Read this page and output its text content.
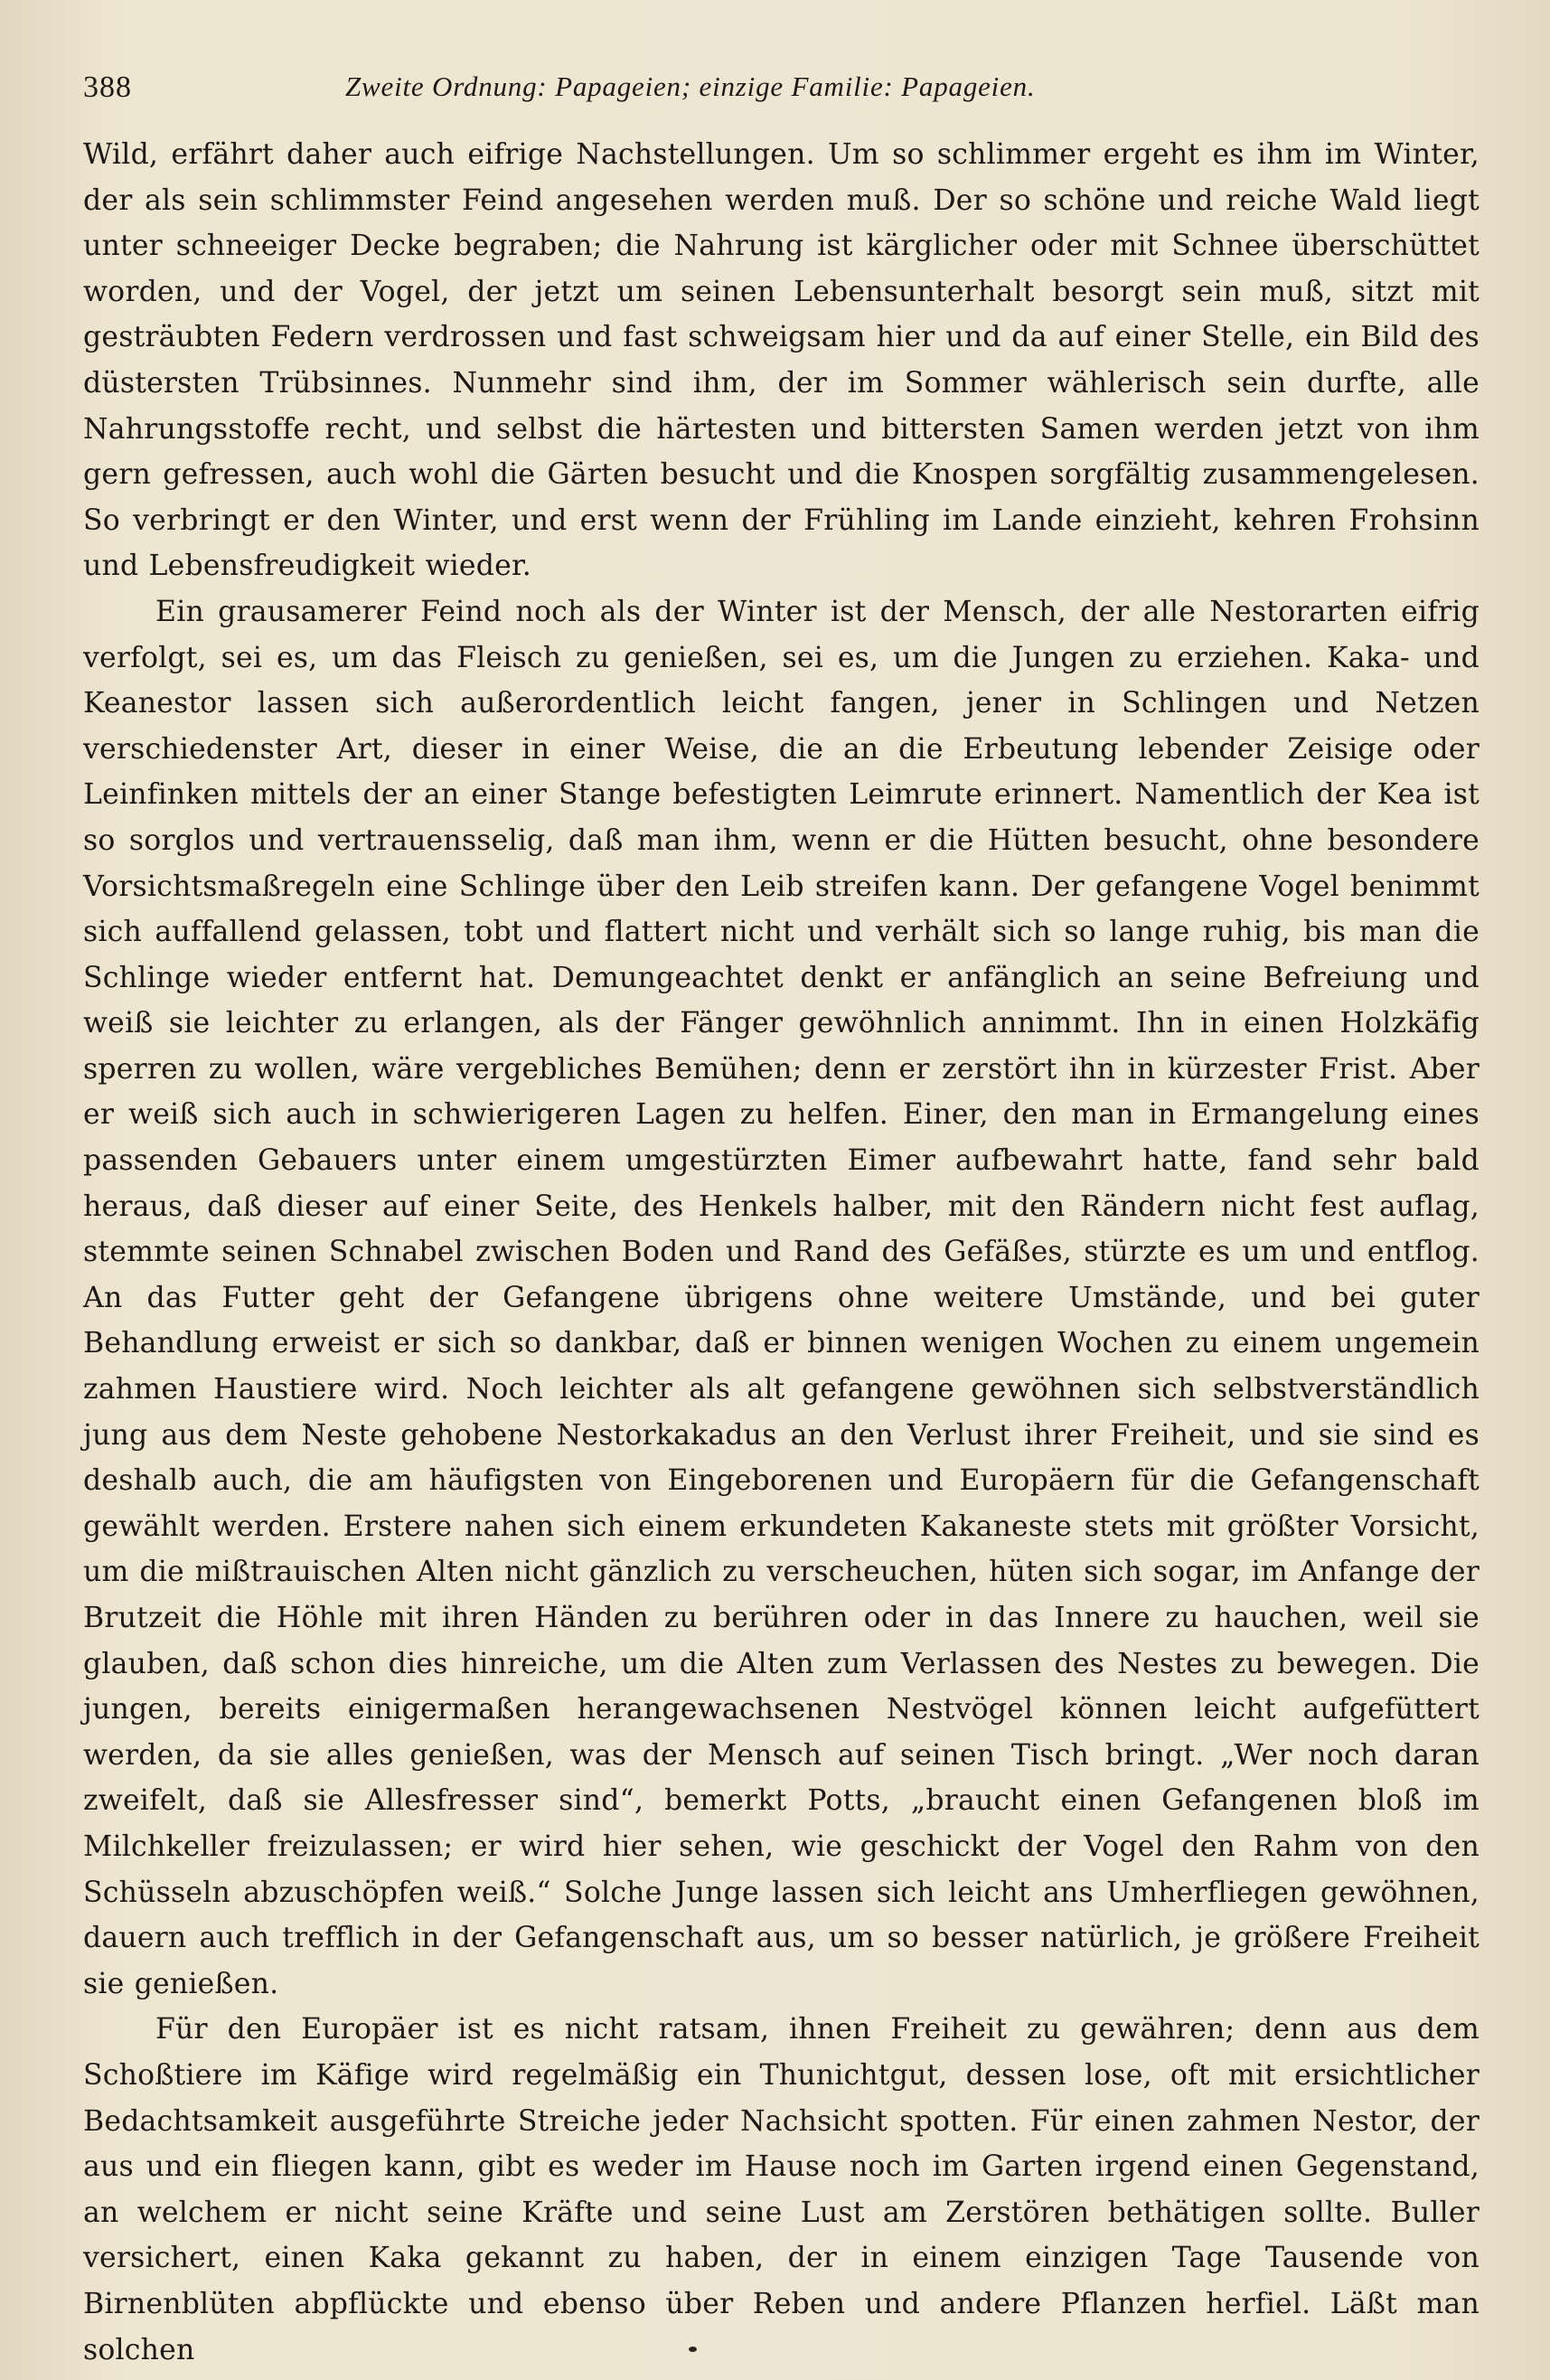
388	Zweite Ordnung: Papageien; einzige Familie: Papageien.

Wild, erfährt daher auch eifrige Nachstellungen. Um so schlimmer ergeht es ihm im Winter, der als sein schlimmster Feind angesehen werden muß. Der so schöne und reiche Wald liegt unter schneeiger Decke begraben; die Nahrung ist kärglicher oder mit Schnee überschüttet worden, und der Vogel, der jetzt um seinen Lebensunterhalt besorgt sein muß, sitzt mit gesträubten Federn verdrossen und fast schweigsam hier und da auf einer Stelle, ein Bild des düstersten Trübsinnes. Nunmehr sind ihm, der im Sommer wählerisch sein durfte, alle Nahrungsstoffe recht, und selbst die härtesten und bittersten Samen werden jetzt von ihm gern gefressen, auch wohl die Gärten besucht und die Knospen sorgfältig zusammengelesen. So verbringt er den Winter, und erst wenn der Frühling im Lande einzieht, kehren Frohsinn und Lebensfreudigkeit wieder.

Ein grausamerer Feind noch als der Winter ist der Mensch, der alle Nestorarten eifrig verfolgt, sei es, um das Fleisch zu genießen, sei es, um die Jungen zu erziehen. Kaka- und Keanestor lassen sich außerordentlich leicht fangen, jener in Schlingen und Netzen verschiedenster Art, dieser in einer Weise, die an die Erbeutung lebender Zeisige oder Leinfinken mittels der an einer Stange befestigten Leimrute erinnert. Namentlich der Kea ist so sorglos und vertrauensselig, daß man ihm, wenn er die Hütten besucht, ohne besondere Vorsichtsmaßregeln eine Schlinge über den Leib streifen kann. Der gefangene Vogel benimmt sich auffallend gelassen, tobt und flattert nicht und verhält sich so lange ruhig, bis man die Schlinge wieder entfernt hat. Demungeachtet denkt er anfänglich an seine Befreiung und weiß sie leichter zu erlangen, als der Fänger gewöhnlich annimmt. Ihn in einen Holzkäfig sperren zu wollen, wäre vergebliches Bemühen; denn er zerstört ihn in kürzester Frist. Aber er weiß sich auch in schwierigeren Lagen zu helfen. Einer, den man in Ermangelung eines passenden Gebauers unter einem umgestürzten Eimer aufbewahrt hatte, fand sehr bald heraus, daß dieser auf einer Seite, des Henkels halber, mit den Rändern nicht fest auflag, stemmte seinen Schnabel zwischen Boden und Rand des Gefäßes, stürzte es um und entflog. An das Futter geht der Gefangene übrigens ohne weitere Umstände, und bei guter Behandlung erweist er sich so dankbar, daß er binnen wenigen Wochen zu einem ungemein zahmen Haustiere wird. Noch leichter als alt gefangene gewöhnen sich selbstverständlich jung aus dem Neste gehobene Nestorkakadus an den Verlust ihrer Freiheit, und sie sind es deshalb auch, die am häufigsten von Eingeborenen und Europäern für die Gefangenschaft gewählt werden. Erstere nahen sich einem erkundeten Kakaneste stets mit größter Vorsicht, um die mißtrauischen Alten nicht gänzlich zu verscheuchen, hüten sich sogar, im Anfange der Brutzeit die Höhle mit ihren Händen zu berühren oder in das Innere zu hauchen, weil sie glauben, daß schon dies hinreiche, um die Alten zum Verlassen des Nestes zu bewegen. Die jungen, bereits einigermaßen herangewachsenen Nestvögel können leicht aufgefüttert werden, da sie alles genießen, was der Mensch auf seinen Tisch bringt. „Wer noch daran zweifelt, daß sie Allesfresser sind“, bemerkt Potts, „braucht einen Gefangenen bloß im Milchkeller freizulassen; er wird hier sehen, wie geschickt der Vogel den Rahm von den Schüsseln abzuschöpfen weiß.“ Solche Junge lassen sich leicht ans Umherfliegen gewöhnen, dauern auch trefflich in der Gefangenschaft aus, um so besser natürlich, je größere Freiheit sie genießen.

Für den Europäer ist es nicht ratsam, ihnen Freiheit zu gewähren; denn aus dem Schoßtiere im Käfige wird regelmäßig ein Thunichtgut, dessen lose, oft mit ersichtlicher Bedachtsamkeit ausgeführte Streiche jeder Nachsicht spotten. Für einen zahmen Nestor, der aus und ein fliegen kann, gibt es weder im Hause noch im Garten irgend einen Gegenstand, an welchem er nicht seine Kräfte und seine Lust am Zerstören bethätigen sollte. Buller versichert, einen Kaka gekannt zu haben, der in einem einzigen Tage Tausende von Birnenblüten abpflückte und ebenso über Reben und andere Pflanzen herfiel. Läßt man solchen
